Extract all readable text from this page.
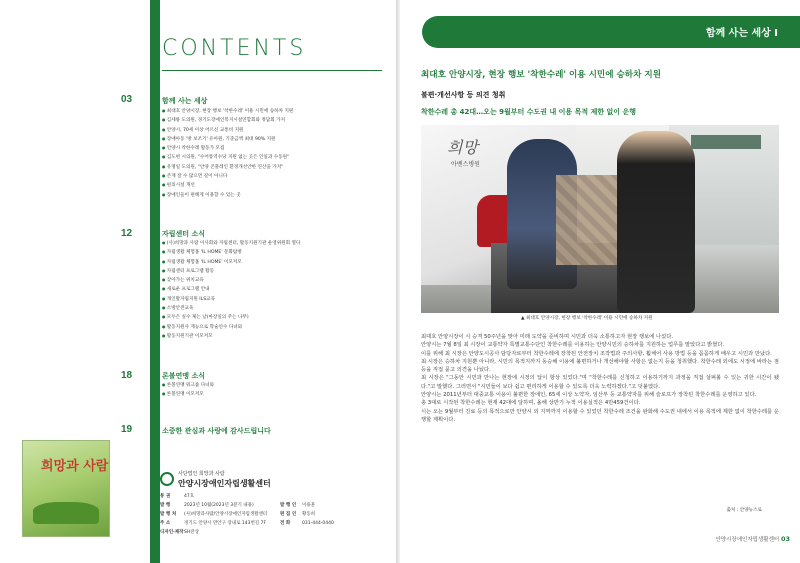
CONTENTS
03	함께 사는 세상
● 최대호 안양시장, 현장 행보 '착한수레' 이용 시민에 승하차 지원
● 김세룡 도의원, 경기도장애인복지시설연합회와 정담회 가져
● 안양시, 70세 이상 어르신 교통비 지원
● 장애아동 '방 보조기' 유아원, 기준금액 최대 90% 지원
● 안양시 착한수레 활동가 모집
● 김도현 시의원, "수어통역수당 지원 없는 곳은 인일과 수동원"
● 유명일 도의원, "안양 콘플레인 환경개선안한 연산을 가져"
● 존재 잘 수 많으면 길이 아니다
● 편의시설 개선
● 장애인들이 편해게 이용할 수 있는 곳
12	자립센터 소식
● (사)희망과 사람 이사회와 자립센터, 활동지원기관 운영위원회 열다
● 자립생활 체험홈 'IL HOME' 문화탐방
● 자립생활 체험홈 'IL HOME' 이모저모
● 자립센터 프로그램 활동
● 찾아가는 위치교육
● 새로운 프로그램 안내
● 개인활자립지원 ILS교육
● 소방안전교육
● 모두은 싶수 제는 날(마장일의 주는 나무)
● 활동지원사 재능으로 학술연수 다녀와
● 활동지원기관 이모저모
18	론볼연맹 소식
● 론볼연맹 워크숍 다녀와
● 론볼연맹 이모저모
19	소중한 관심과 사랑에 감사드립니다
희망과 사람	사단법인 희망과 사람
안양시장애인자립생활센터
통 권	47호
발 행	2023년 10월(2023년 3분기 내용)	발 행 인	이용훈
발 행 처	(사)희망과사람/안양시장애인자립생활센터	편 집 인	황동희
주 소	경기도 안양시 만안구 장내로 143번길 7F	전 화	031-444-0440
디자인·제작 SH잔상
함께 사는 세상 Ⅰ
최대호 안양시장, 현장 행보 '착한수레' 이용 시민에 승하차 지원
불편·개선사항 등 의견 청취
착한수레 총 42대…오는 9월부터 수도권 내 이용 목적 제한 없이 운행
희망
아벤스병원
▲ 최대호 안양시장, 현장 행보 '착한수레' 이용 시민에 승하차 지원

최대호 안양시장이 시 승격 50주년을 맞아 미래 도약을 준비하며 시민과 더욱 소통하고자 현장 행보에 나섰다.

안양시는 7월 8일 최 시장이 교통약자 특별교통수단인 착한수레를 이용하는 안양시민의 승하차를 지원하는 업무를 맡았다고 밝혔다.

이를 위해 최 시장은 안양도시공사 담당자로부터 착한수레에 장착된 안전장치 조작법과 주의사항, 휠체어 사용 방법 등을 꼼꼼하게 배우고 시민과 만났다.

최 시장은 승하차 지원뿐 아니라, 시민의 목적지까지 동승해 이용에 불편하거나 개선해야할 사항은 없는지 등을 청취했다. 착한수레 외에도 시정에 바라는 점 등을 직접 묻고 의견을 나눴다.

최 시장은 "그동안 시민과 만나는 현장에 시정의 답이 항상 있었다."며 "착한수레를 신청하고 이용하기까지 과정을 직접 살펴볼 수 있는 귀한 시간이 됐다."고 말했다. 그러면서 "시민들이 보다 쉽고 편리하게 이용할 수 있도록 더욱 노력하겠다."고 덧붙였다.

안양시는 2011년부터 대중교통 이용이 불편한 장애인, 65세 이상 노약자, 임산부 등 교통약자를 위해 슬로프가 장착된 착한수레를 운영하고 있다.

총 3대로 시작된 착한수레는 현재 42대에 달하며, 올해 상반기 누적 이용실적은 4만459건이다.

시는 오는 9월부터 진료 등의 목적으로만 안양시 외 지역까지 이용할 수 있었던 착한수레 조건을 완화해 수도권 내에서 이용 목적에 제한 없이 착한수레를 운행할 계획이다.

출처 : 안양뉴스로
안양시장애인자립생활센터 03
